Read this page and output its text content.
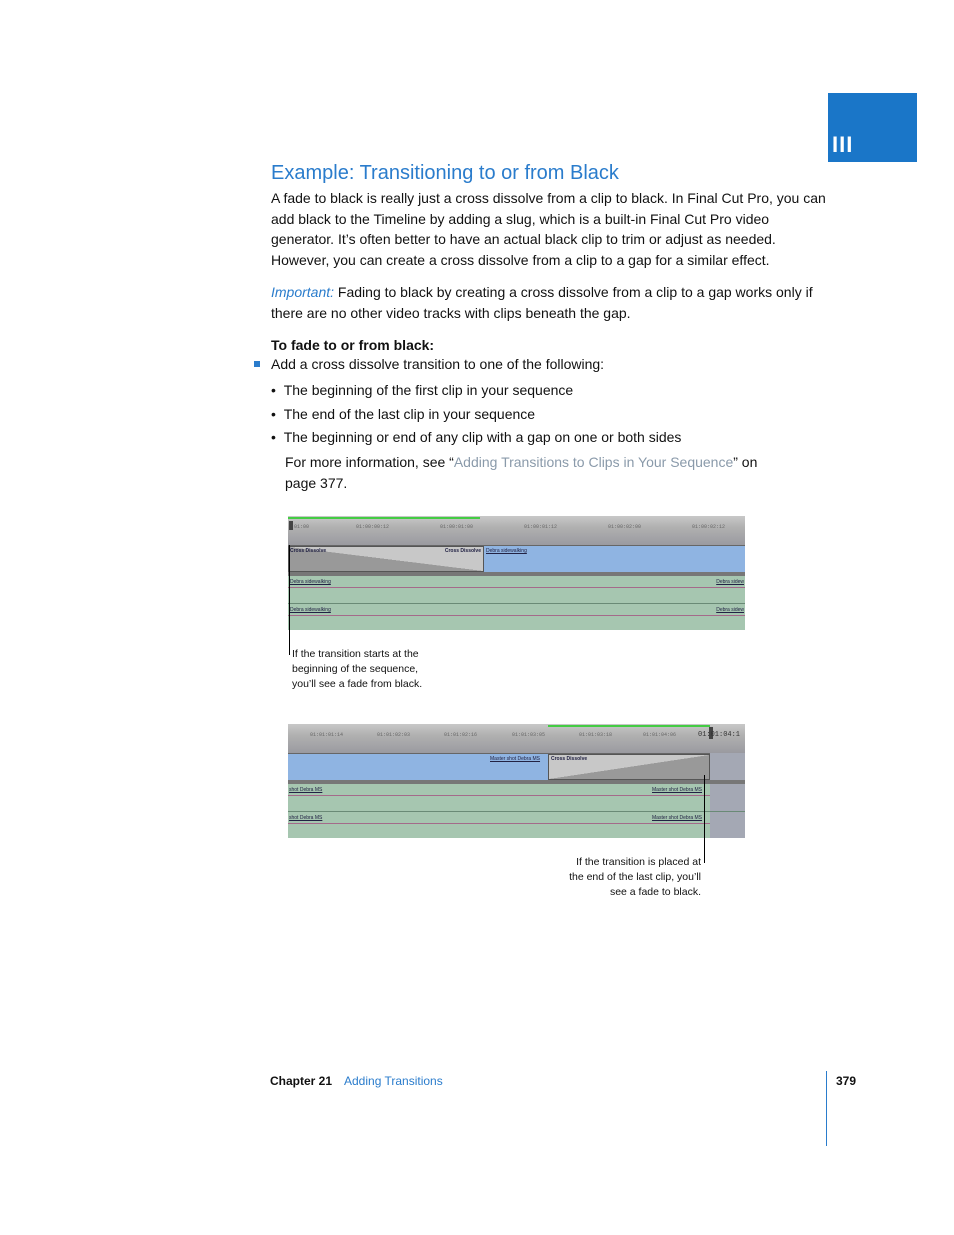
III
Example: Transitioning to or from Black
A fade to black is really just a cross dissolve from a clip to black. In Final Cut Pro, you can add black to the Timeline by adding a slug, which is a built-in Final Cut Pro video generator. It’s often better to have an actual black clip to trim or adjust as needed. However, you can create a cross dissolve from a clip to a gap for a similar effect.
Important: Fading to black by creating a cross dissolve from a clip to a gap works only if there are no other video tracks with clips beneath the gap.
To fade to or from black:
Add a cross dissolve transition to one of the following:
•  The beginning of the first clip in your sequence
•  The end of the last clip in your sequence
•  The beginning or end of any clip with a gap on one or both sides
For more information, see “Adding Transitions to Clips in Your Sequence” on page 377.
01:00	01:00:00:12	01:00:01:00	01:00:01:12	01:00:02:00	01:00:02:12
Cross Dissolve	Cross Dissolve Debra sidewalking
Debra sidewalking	Debra sidew
Debra sidewalking	Debra sidew
If the transition starts at the beginning of the sequence, you’ll see a fade from black.
01:01:01:14	01:01:02:03	01:01:02:16	01:01:03:05	01:01:03:18	01:01:04:06	01:01:04:1
Master shot Debra MS Cross Dissolve
shot Debra MS	Master shot Debra MS
shot Debra MS	Master shot Debra MS
If the transition is placed at the end of the last clip, you’ll see a fade to black.
Chapter 21 Adding Transitions	379
